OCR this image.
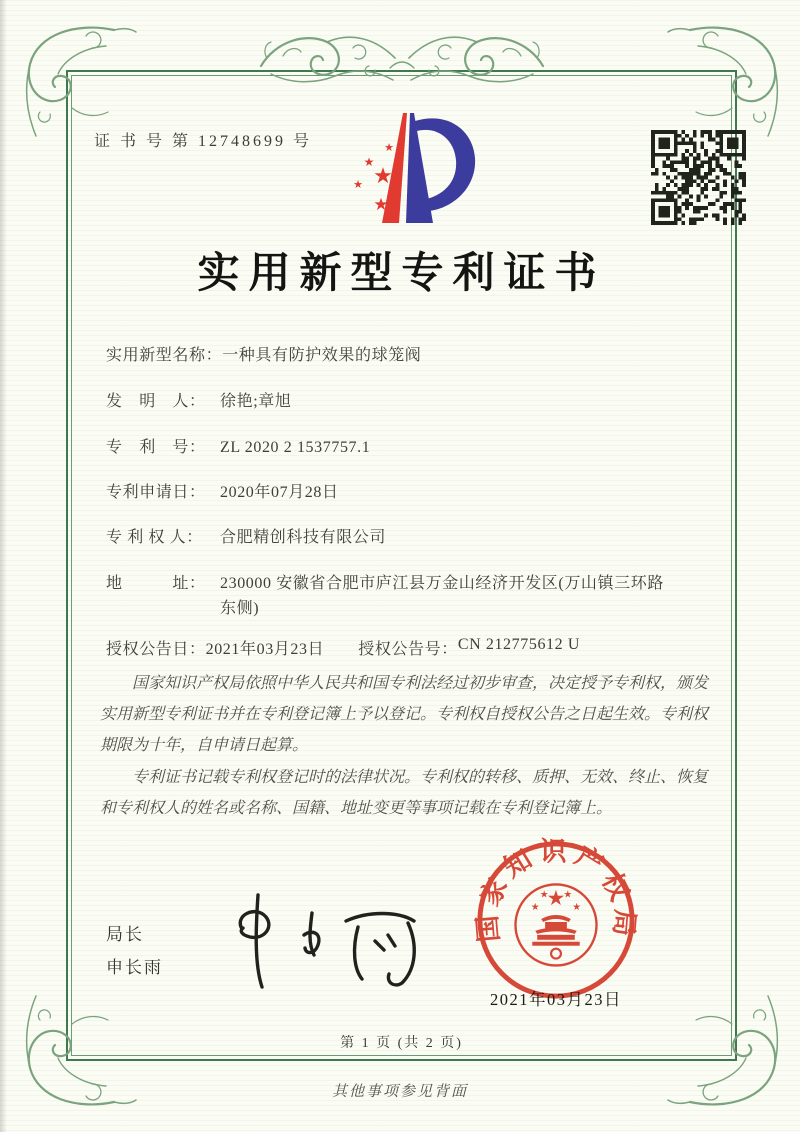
证 书 号 第 12748699 号	★
★
★ ★
★
实用新型专利证书
实用新型名称： 一种具有防护效果的球笼阀
发　明　人： 徐艳;章旭
专　利　号： ZL 2020 2 1537757.1
专利申请日： 2020年07月28日
专 利 权 人：	合肥精创科技有限公司
地　　　址： 230000 安徽省合肥市庐江县万金山经济开发区(万山镇三环路东侧)
授权公告日： 2021年03月23日 授权公告号： CN 212775612 U

国家知识产权局依照中华人民共和国专利法经过初步审查，决定授予专利权，颁发实用新型专利证书并在专利登记簿上予以登记。专利权自授权公告之日起生效。专利权期限为十年，自申请日起算。

专利证书记载专利权登记时的法律状况。专利权的转移、质押、无效、终止、恢复和专利权人的姓名或名称、国籍、地址变更等事项记载在专利登记簿上。

局长
申长雨
国家知识产权局
★
★
★ ★
★
2021年03月23日
第 1 页 (共 2 页)
其他事项参见背面
